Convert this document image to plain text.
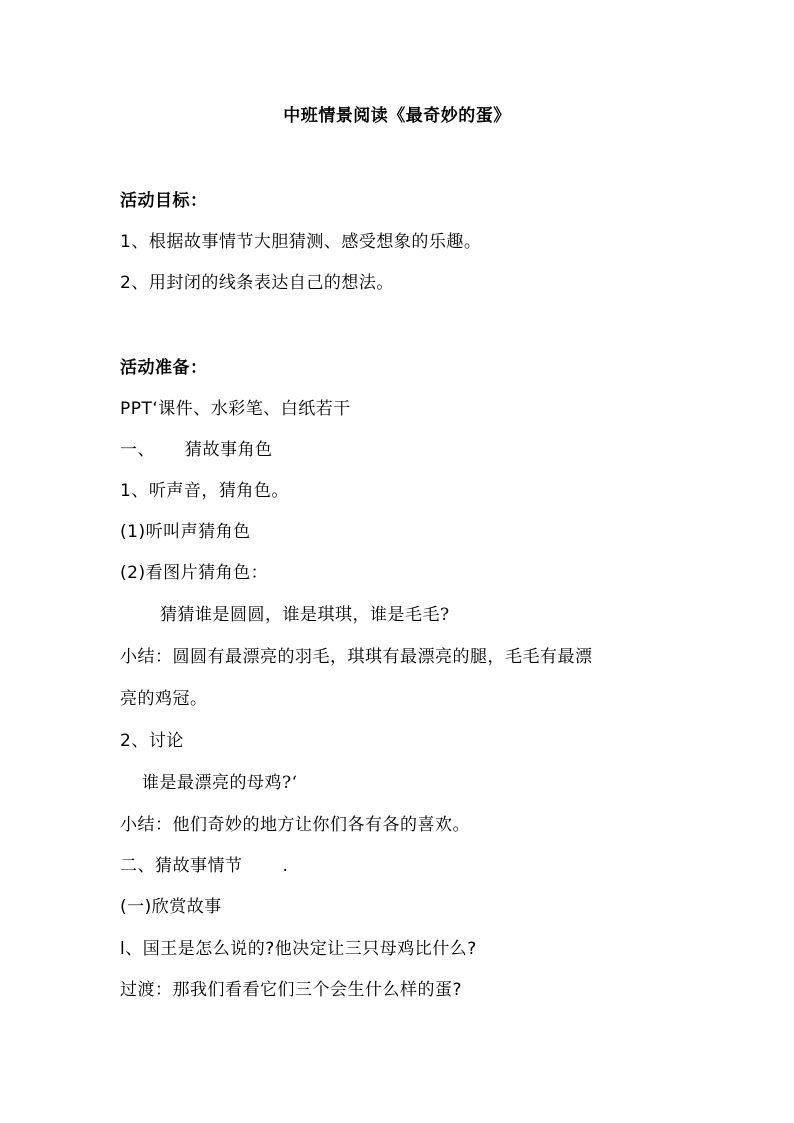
中班情景阅读《最奇妙的蛋》
活动目标：
1、根据故事情节大胆猜测、感受想象的乐趣。
2、用封闭的线条表达自己的想法。
活动准备：
PPT‘课件、水彩笔、白纸若干
一、 猜故事角色
1、听声音，猜角色。
(1)听叫声猜角色
(2)看图片猜角色：
猜猜谁是圆圆，谁是琪琪，谁是毛毛?
小结：圆圆有最漂亮的羽毛，琪琪有最漂亮的腿，毛毛有最漂
亮的鸡冠。
2、讨论
谁是最漂亮的母鸡?‘
小结：他们奇妙的地方让你们各有各的喜欢。
二、猜故事情节 .
(一)欣赏故事
l、国王是怎么说的?他决定让三只母鸡比什么?
过渡：那我们看看它们三个会生什么样的蛋?
